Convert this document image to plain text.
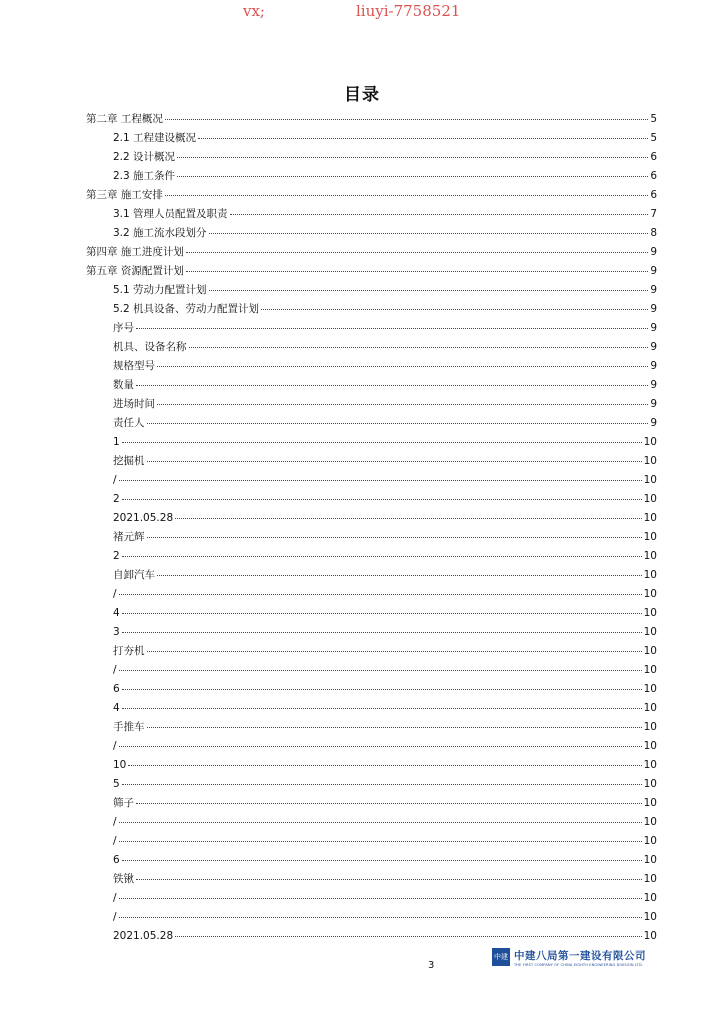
vx;	liuyi-7758521
目录
第二章 工程概况	5
2.1 工程建设概况	5
2.2 设计概况	6
2.3 施工条件	6
第三章 施工安排	6
3.1 管理人员配置及职责	7
3.2 施工流水段划分	8
第四章 施工进度计划	9
第五章 资源配置计划	9
5.1 劳动力配置计划	9
5.2 机具设备、劳动力配置计划	9
序号	9
机具、设备名称	9
规格型号	9
数量	9
进场时间	9
责任人	9
1	10
挖掘机	10
/	10
2	10
2021.05.28	10
褚元辉	10
2	10
自卸汽车	10
/	10
4	10
3	10
打夯机	10
/	10
6	10
4	10
手推车	10
/	10
10	10
5	10
筛子	10
/	10
/	10
6	10
铁锹	10
/	10
/	10
2021.05.28	10
3
中建 中建八局第一建设有限公司
THE FIRST COMPANY OF CHINA EIGHTH ENGINEERING DIVISION LTD.
